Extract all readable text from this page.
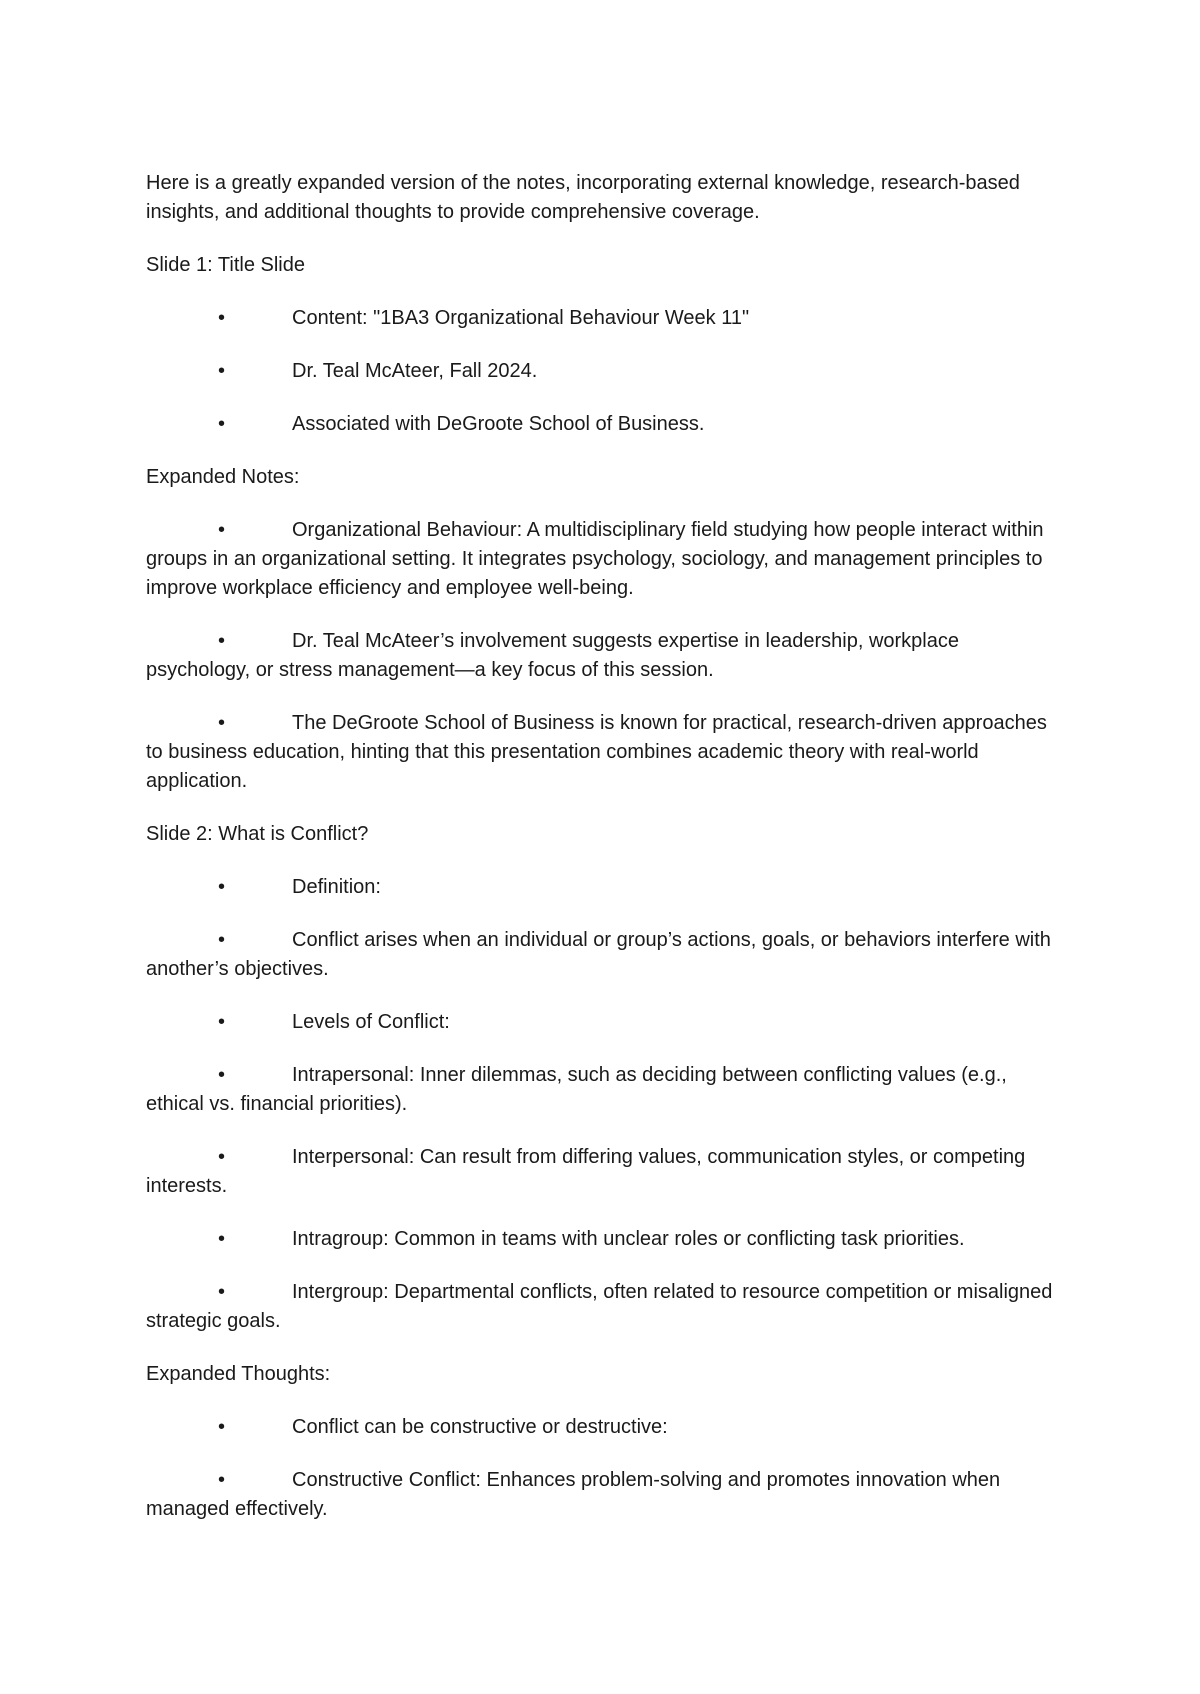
Here is a greatly expanded version of the notes, incorporating external knowledge, research-based insights, and additional thoughts to provide comprehensive coverage.

Slide 1: Title Slide

•	Content: "1BA3 Organizational Behaviour Week 11"

•	Dr. Teal McAteer, Fall 2024.

•	Associated with DeGroote School of Business.

Expanded Notes:

•	Organizational Behaviour: A multidisciplinary field studying how people interact within groups in an organizational setting. It integrates psychology, sociology, and management principles to improve workplace efficiency and employee well-being.

•	Dr. Teal McAteer’s involvement suggests expertise in leadership, workplace psychology, or stress management—a key focus of this session.

•	The DeGroote School of Business is known for practical, research-driven approaches to business education, hinting that this presentation combines academic theory with real-world application.

Slide 2: What is Conflict?

•	Definition:

•	Conflict arises when an individual or group’s actions, goals, or behaviors interfere with another’s objectives.

•	Levels of Conflict:

•	Intrapersonal: Inner dilemmas, such as deciding between conflicting values (e.g., ethical vs. financial priorities).

•	Interpersonal: Can result from differing values, communication styles, or competing interests.

•	Intragroup: Common in teams with unclear roles or conflicting task priorities.

•	Intergroup: Departmental conflicts, often related to resource competition or misaligned strategic goals.

Expanded Thoughts:

•	Conflict can be constructive or destructive:

•	Constructive Conflict: Enhances problem-solving and promotes innovation when managed effectively.
